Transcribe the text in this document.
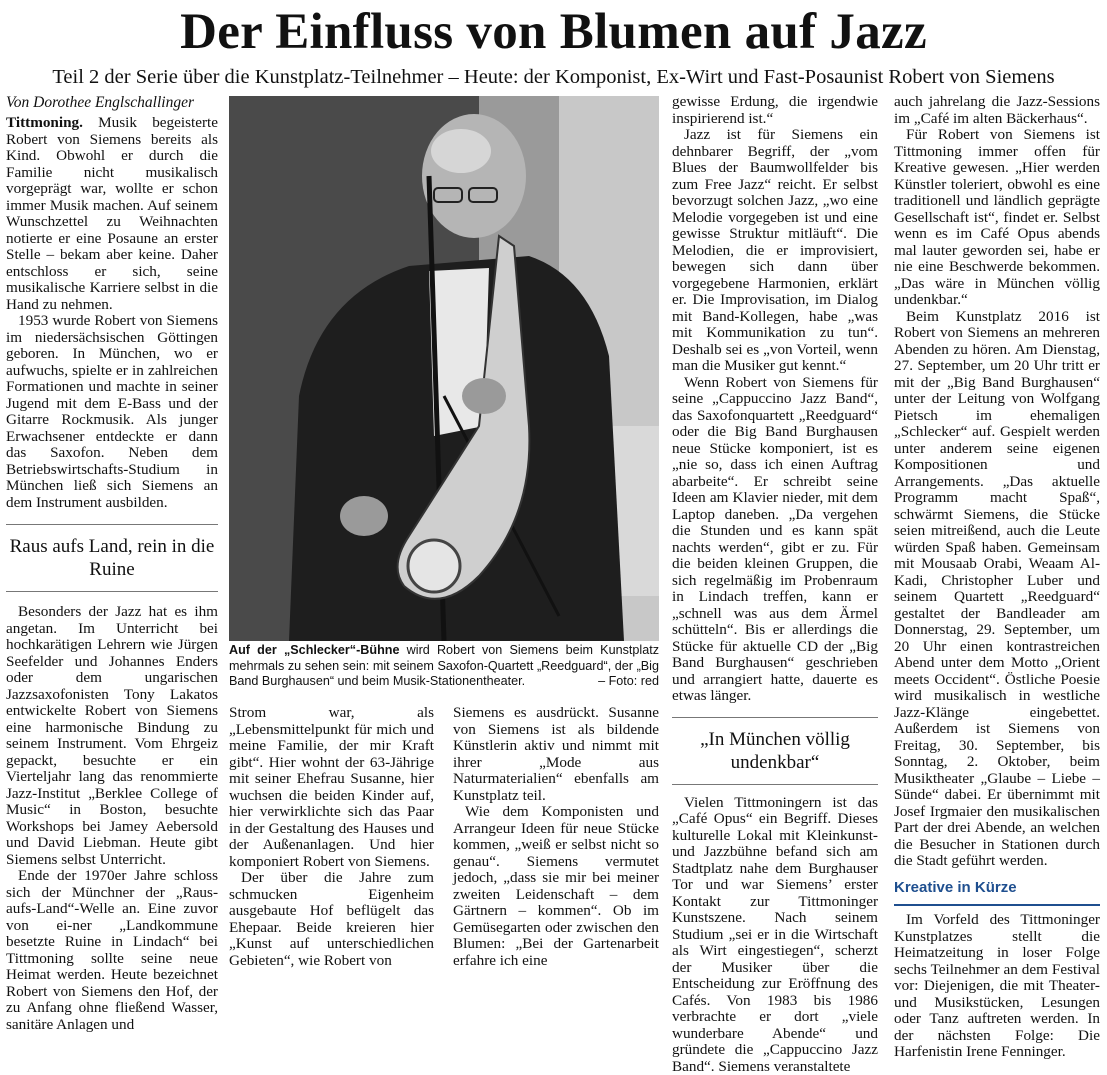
Der Einfluss von Blumen auf Jazz
Teil 2 der Serie über die Kunstplatz-Teilnehmer – Heute: der Komponist, Ex-Wirt und Fast-Posaunist Robert von Siemens
Von Dorothee Englschallinger

Tittmoning. Musik begeisterte Robert von Siemens bereits als Kind. Obwohl er durch die Familie nicht musikalisch vorgeprägt war, wollte er schon immer Musik machen. Auf seinem Wunschzettel zu Weihnachten notierte er eine Posaune an erster Stelle – bekam aber keine. Daher entschloss er sich, seine musikalische Karriere selbst in die Hand zu nehmen.

1953 wurde Robert von Siemens im niedersächsischen Göttingen geboren. In München, wo er aufwuchs, spielte er in zahlreichen Formationen und machte in seiner Jugend mit dem E-Bass und der Gitarre Rockmusik. Als junger Erwachsener entdeckte er dann das Saxofon. Neben dem Betriebswirtschafts-Studium in München ließ sich Siemens an dem Instrument ausbilden.

Raus aufs Land, rein in die Ruine

Besonders der Jazz hat es ihm angetan. Im Unterricht bei hochkarätigen Lehrern wie Jürgen Seefelder und Johannes Enders oder dem ungarischen Jazzsaxofonisten Tony Lakatos entwickelte Robert von Siemens eine harmonische Bindung zu seinem Instrument. Vom Ehrgeiz gepackt, besuchte er ein Vierteljahr lang das renommierte Jazz-Institut „Berklee College of Music“ in Boston, besuchte Workshops bei Jamey Aebersold und David Liebman. Heute gibt Siemens selbst Unterricht.

Ende der 1970er Jahre schloss sich der Münchner der „Raus-aufs-Land“-Welle an. Eine zuvor von ei-ner „Landkommune besetzte Ruine in Lindach“ bei Tittmoning sollte seine neue Heimat werden. Heute bezeichnet Robert von Siemens den Hof, der zu Anfang ohne fließend Wasser, sanitäre Anlagen und

Auf der „Schlecker“-Bühne wird Robert von Siemens beim Kunstplatz mehrmals zu sehen sein: mit seinem Saxofon-Quartett „Reedguard“, der „Big Band Burghausen“ und beim Musik-Stationentheater.	– Foto: red

Strom war, als „Lebensmittelpunkt für mich und meine Familie, der mir Kraft gibt“. Hier wohnt der 63-Jährige mit seiner Ehefrau Susanne, hier wuchsen die beiden Kinder auf, hier verwirklichte sich das Paar in der Gestaltung des Hauses und der Außenanlagen. Und hier komponiert Robert von Siemens.

Der über die Jahre zum schmucken Eigenheim ausgebaute Hof beflügelt das Ehepaar. Beide kreieren hier „Kunst auf unterschiedlichen Gebieten“, wie Robert von

Siemens es ausdrückt. Susanne von Siemens ist als bildende Künstlerin aktiv und nimmt mit ihrer „Mode aus Naturmaterialien“ ebenfalls am Kunstplatz teil.

Wie dem Komponisten und Arrangeur Ideen für neue Stücke kommen, „weiß er selbst nicht so genau“. Siemens vermutet jedoch, „dass sie mir bei meiner zweiten Leidenschaft – dem Gärtnern – kommen“. Ob im Gemüsegarten oder zwischen den Blumen: „Bei der Gartenarbeit erfahre ich eine

gewisse Erdung, die irgendwie inspirierend ist.“

Jazz ist für Siemens ein dehnbarer Begriff, der „vom Blues der Baumwollfelder bis zum Free Jazz“ reicht. Er selbst bevorzugt solchen Jazz, „wo eine Melodie vorgegeben ist und eine gewisse Struktur mitläuft“. Die Melodien, die er improvisiert, bewegen sich dann über vorgegebene Harmonien, erklärt er. Die Improvisation, im Dialog mit Band-Kollegen, habe „was mit Kommunikation zu tun“. Deshalb sei es „von Vorteil, wenn man die Musiker gut kennt.“

Wenn Robert von Siemens für seine „Cappuccino Jazz Band“, das Saxofonquartett „Reedguard“ oder die Big Band Burghausen neue Stücke komponiert, ist es „nie so, dass ich einen Auftrag abarbeite“. Er schreibt seine Ideen am Klavier nieder, mit dem Laptop daneben. „Da vergehen die Stunden und es kann spät nachts werden“, gibt er zu. Für die beiden kleinen Gruppen, die sich regelmäßig im Probenraum in Lindach treffen, kann er „schnell was aus dem Ärmel schütteln“. Bis er allerdings die Stücke für aktuelle CD der „Big Band Burghausen“ geschrieben und arrangiert hatte, dauerte es etwas länger.

„In München völlig undenkbar“

Vielen Tittmoningern ist das „Café Opus“ ein Begriff. Dieses kulturelle Lokal mit Kleinkunst- und Jazzbühne befand sich am Stadtplatz nahe dem Burghauser Tor und war Siemens’ erster Kontakt zur Tittmoninger Kunstszene. Nach seinem Studium „sei er in die Wirtschaft als Wirt eingestiegen“, scherzt der Musiker über die Entscheidung zur Eröffnung des Cafés. Von 1983 bis 1986 verbrachte er dort „viele wunderbare Abende“ und gründete die „Cappuccino Jazz Band“. Siemens veranstaltete

auch jahrelang die Jazz-Sessions im „Café im alten Bäckerhaus“.

Für Robert von Siemens ist Tittmoning immer offen für Kreative gewesen. „Hier werden Künstler toleriert, obwohl es eine traditionell und ländlich geprägte Gesellschaft ist“, findet er. Selbst wenn es im Café Opus abends mal lauter geworden sei, habe er nie eine Beschwerde bekommen. „Das wäre in München völlig undenkbar.“

Beim Kunstplatz 2016 ist Robert von Siemens an mehreren Abenden zu hören. Am Dienstag, 27. September, um 20 Uhr tritt er mit der „Big Band Burghausen“ unter der Leitung von Wolfgang Pietsch im ehemaligen „Schlecker“ auf. Gespielt werden unter anderem seine eigenen Kompositionen und Arrangements. „Das aktuelle Programm macht Spaß“, schwärmt Siemens, die Stücke seien mitreißend, auch die Leute würden Spaß haben. Gemeinsam mit Mousaab Orabi, Weaam Al-Kadi, Christopher Luber und seinem Quartett „Reedguard“ gestaltet der Bandleader am Donnerstag, 29. September, um 20 Uhr einen kontrastreichen Abend unter dem Motto „Orient meets Occident“. Östliche Poesie wird musikalisch in westliche Jazz-Klänge eingebettet. Außerdem ist Siemens von Freitag, 30. September, bis Sonntag, 2. Oktober, beim Musiktheater „Glaube – Liebe – Sünde“ dabei. Er übernimmt mit Josef Irgmaier den musikalischen Part der drei Abende, an welchen die Besucher in Stationen durch die Stadt geführt werden.

Kreative in Kürze

Im Vorfeld des Tittmoninger Kunstplatzes stellt die Heimatzeitung in loser Folge sechs Teilnehmer an dem Festival vor: Diejenigen, die mit Theater- und Musikstücken, Lesungen oder Tanz auftreten werden. In der nächsten Folge: Die Harfenistin Irene Fenninger.
